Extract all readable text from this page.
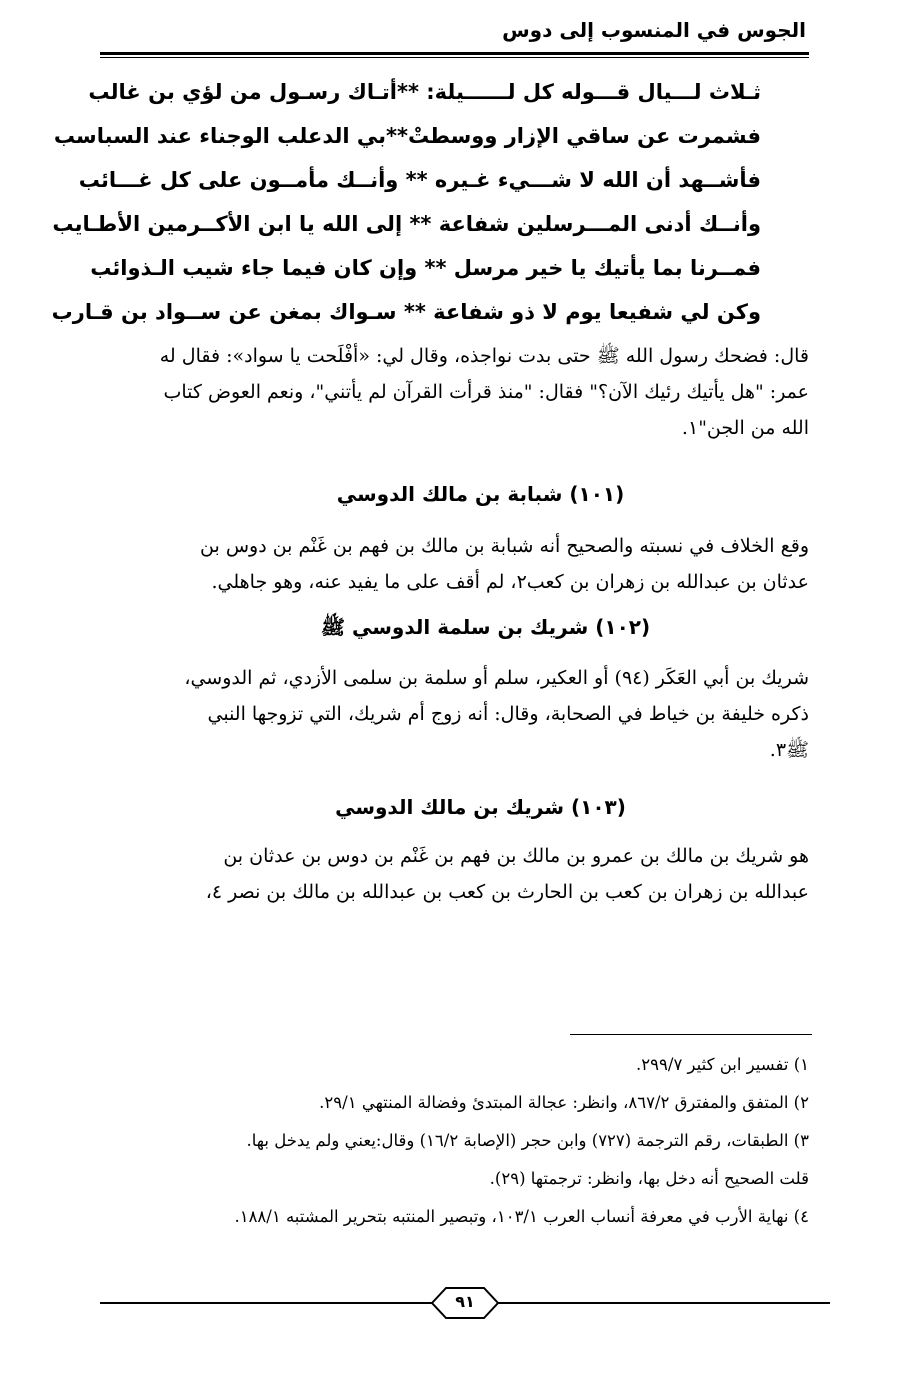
الجوس في المنسوب إلى دوس
ثـلاث لـــيال قـــوله كل لــــــيلة: **أتـاك رسـول من لؤي بن غالب
فشمرت عن ساقي الإزار ووسطتْ**بي الدعلب الوجناء عند السباسب
فأشــهد أن الله لا شـــيء غـيره ** وأنــك مأمــون على كل غـــائب
وأنــك أدنى المـــرسلين شفاعة ** إلى الله يا ابن الأكــرمين الأطـايب
فمــرنا بما يأتيك يا خير مرسل ** وإن كان فيما جاء شيب الـذوائب
وكن لي شفيعا يوم لا ذو شفاعة ** سـواك بمغن عن ســواد بن قـارب
قال: فضحك رسول الله ﷺ حتى بدت نواجذه، وقال لي: «أفْلَحت يا سواد»: فقال له
عمر: "هل يأتيك رئيك الآن؟" فقال: "منذ قرأت القرآن لم يأتني"، ونعم العوض كتاب
الله من الجن"١.
(١٠١) شبابة بن مالك الدوسي
وقع الخلاف في نسبته والصحيح أنه شبابة بن مالك بن فهم بن غَنْم بن دوس بن
عدثان بن عبدالله بن زهران بن كعب٢، لم أقف على ما يفيد عنه، وهو جاهلي.
(١٠٢) شريك بن سلمة الدوسي ﷺ
شريك بن أبي العَكَر (٩٤) أو العكير، سلم أو سلمة بن سلمى الأزدي، ثم الدوسي،
ذكره خليفة بن خياط في الصحابة، وقال: أنه زوج أم شريك، التي تزوجها النبي
ﷺ٣.
(١٠٣) شريك بن مالك الدوسي
هو شريك بن مالك بن عمرو بن مالك بن فهم بن غَنْم بن دوس بن عدثان بن
عبدالله بن زهران بن كعب بن الحارث بن كعب بن عبدالله بن مالك بن نصر ٤،
١) تفسير ابن كثير ٢٩٩/٧.
٢) المتفق والمفترق ٨٦٧/٢، وانظر: عجالة المبتدئ وفضالة المنتهي ٢٩/١.
٣) الطبقات، رقم الترجمة (٧٢٧) وابن حجر (الإصابة ١٦/٢) وقال:يعني ولم يدخل بها.
قلت الصحيح أنه دخل بها، وانظر: ترجمتها (٢٩).
٤) نهاية الأرب في معرفة أنساب العرب ١٠٣/١، وتبصير المنتبه بتحرير المشتبه ١٨٨/١.
٩١
